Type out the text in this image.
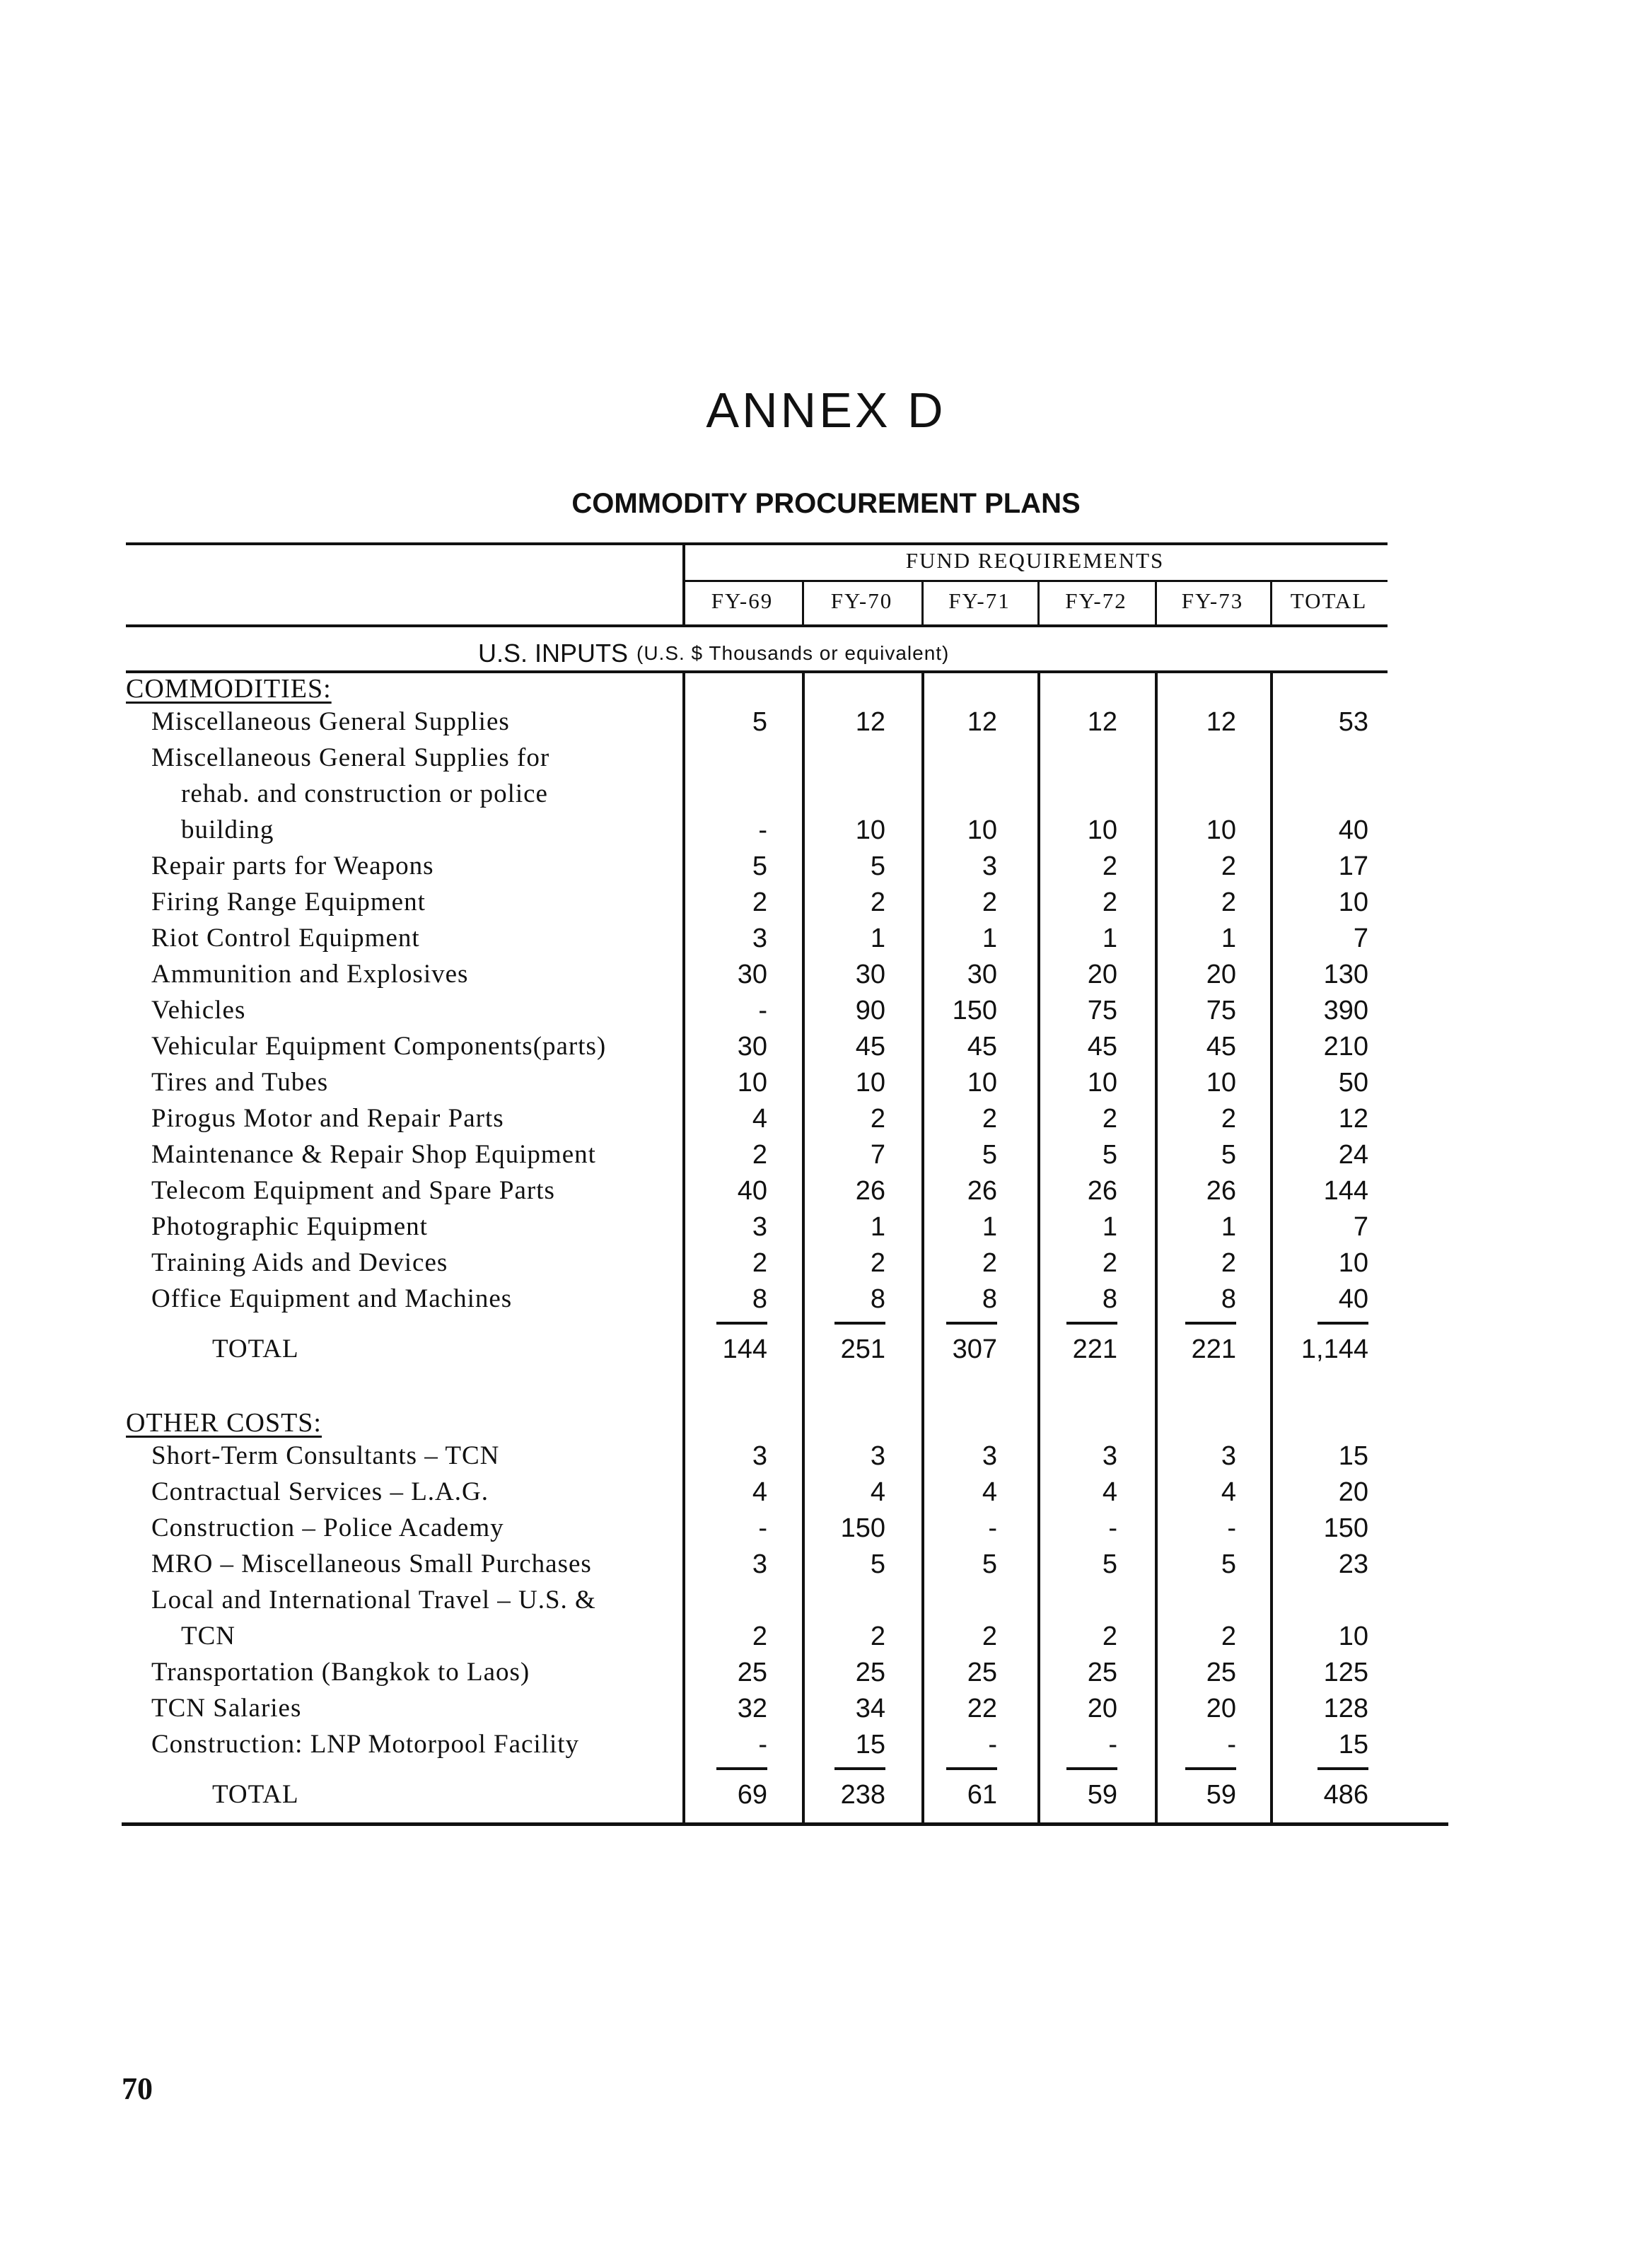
ANNEX D
COMMODITY PROCUREMENT PLANS
FUND REQUIREMENTS
FY-69	FY-70	FY-71	FY-72	FY-73	TOTAL
U.S. INPUTS (U.S. $ Thousands or equivalent)
COMMODITIES:
Miscellaneous General Supplies	5	12	12	12	12	53
Miscellaneous General Supplies for
rehab. and construction or police
building	-	10	10	10	10	40
Repair parts for Weapons	5	5	3	2	2	17
Firing Range Equipment	2	2	2	2	2	10
Riot Control Equipment	3	1	1	1	1	7
Ammunition and Explosives	30	30	30	20	20	130
Vehicles	-	90	150	75	75	390
Vehicular Equipment Components(parts)	30	45	45	45	45	210
Tires and Tubes	10	10	10	10	10	50
Pirogus Motor and Repair Parts	4	2	2	2	2	12
Maintenance & Repair Shop Equipment	2	7	5	5	5	24
Telecom Equipment and Spare Parts	40	26	26	26	26	144
Photographic Equipment	3	1	1	1	1	7
Training Aids and Devices	2	2	2	2	2	10
Office Equipment and Machines	8	8	8	8	8	40
TOTAL	144	251	307	221	221	1,144
OTHER COSTS:
Short-Term Consultants – TCN	3	3	3	3	3	15
Contractual Services – L.A.G.	4	4	4	4	4	20
Construction – Police Academy	-	150	-	-	-	150
MRO – Miscellaneous Small Purchases	3	5	5	5	5	23
Local and International Travel – U.S. &
TCN	2	2	2	2	2	10
Transportation (Bangkok to Laos)	25	25	25	25	25	125
TCN Salaries	32	34	22	20	20	128
Construction: LNP Motorpool Facility	-	15	-	-	-	15
TOTAL	69	238	61	59	59	486
70
